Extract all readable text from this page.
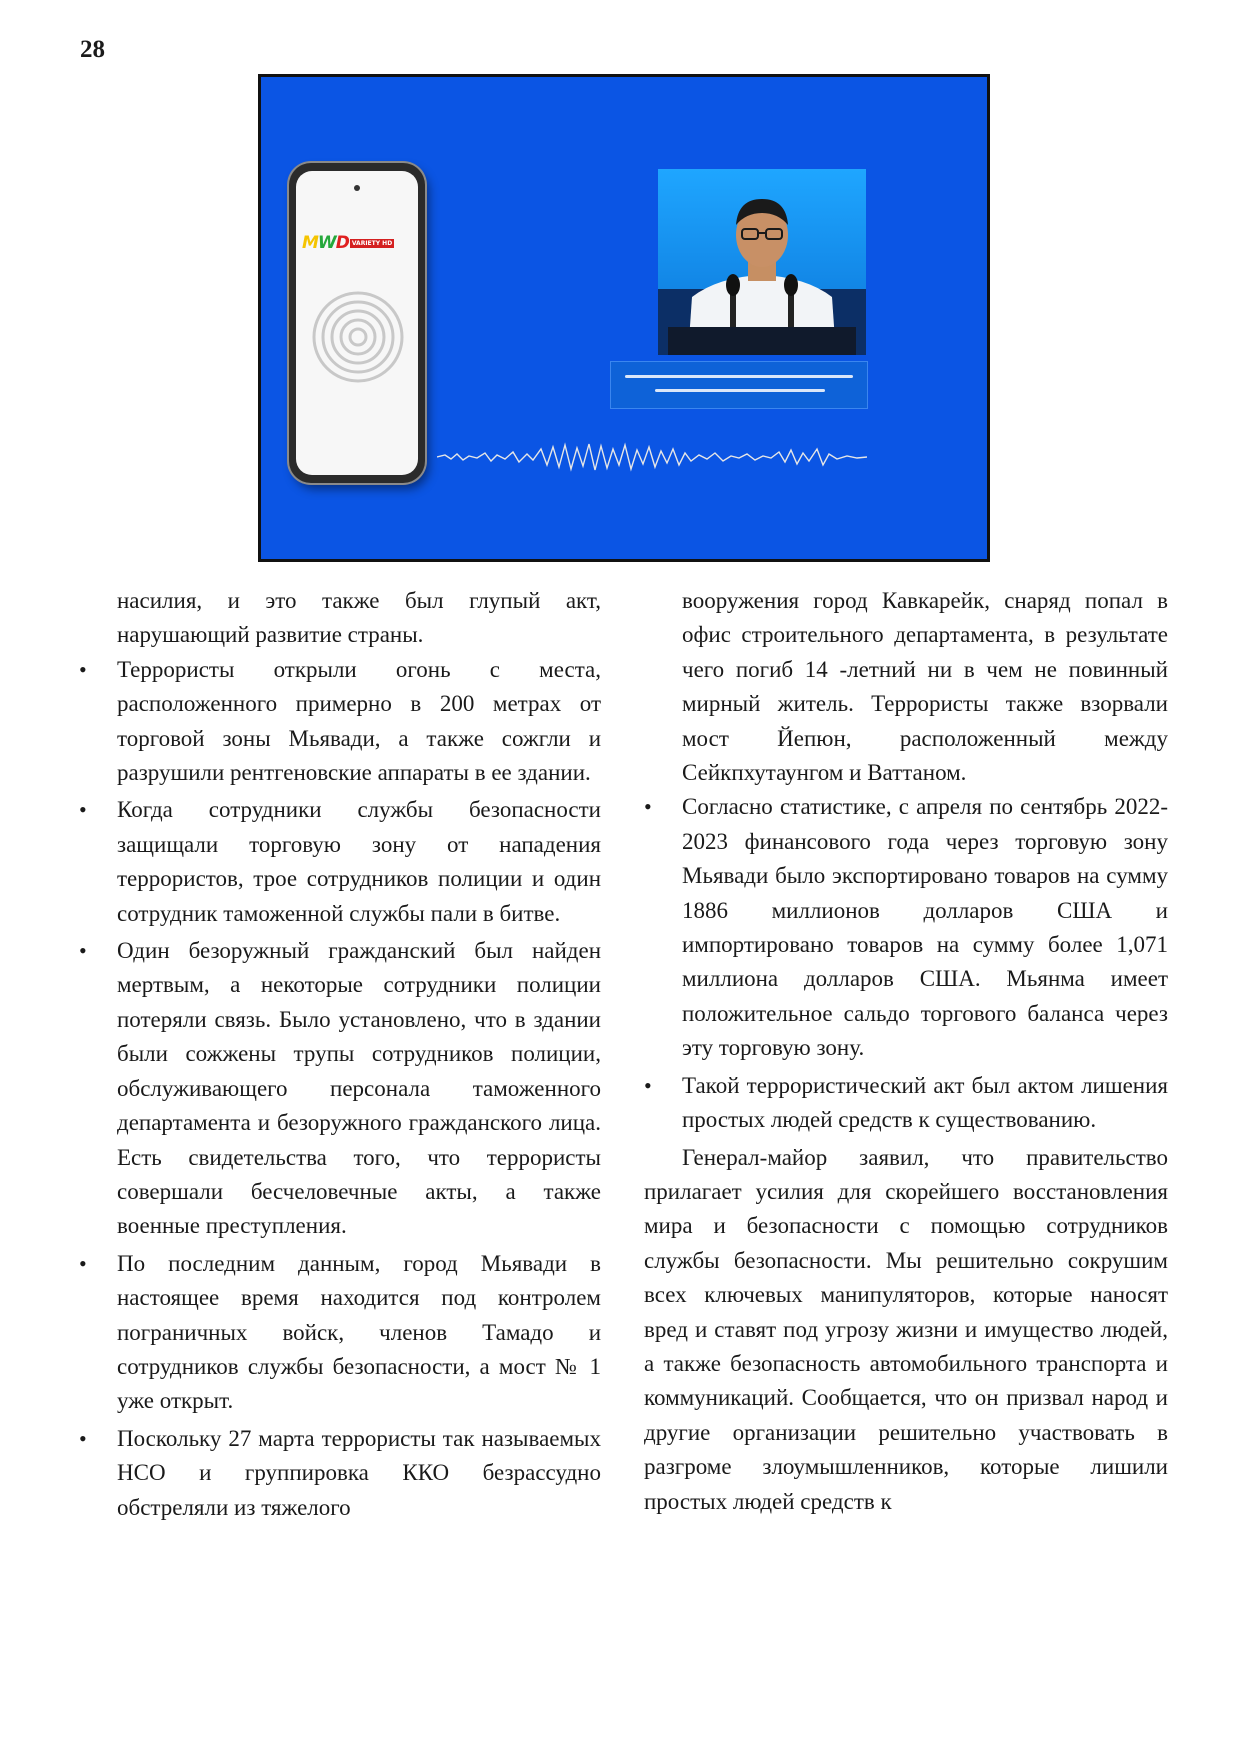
28
MWD VARIETY HD

насилия, и это также был глупый акт, нарушающий развитие страны.

• Террористы открыли огонь с места, расположенного примерно в 200 метрах от торговой зоны Мьявади, а также сожгли и разрушили рентгеновские аппараты в ее здании.
• Когда сотрудники службы безопасности защищали торговую зону от нападения террористов, трое сотрудников полиции и один сотрудник таможенной службы пали в битве.
• Один безоружный гражданский был найден мертвым, а некоторые сотрудники полиции потеряли связь. Было установлено, что в здании были сожжены трупы сотрудников полиции, обслуживающего персонала таможенного департамента и безоружного гражданского лица. Есть свидетельства того, что террористы совершали бесчеловечные акты, а также военные преступления.
• По последним данным, город Мьявади в настоящее время находится под контролем пограничных войск, членов Тамадо и сотрудников службы безопасности, а мост № 1 уже открыт.
• Поскольку 27 марта террористы так называемых НСО и группировка ККО безрассудно обстреляли из тяжелого

вооружения город Кавкарейк, снаряд попал в офис строительного департамента, в результате чего погиб 14 -летний ни в чем не повинный мирный житель. Террористы также взорвали мост Йепюн, расположенный между Сейкпхутаунгом и Ваттаном.

• Согласно статистике, с апреля по сентябрь 2022-2023 финансового года через торговую зону Мьявади было экспортировано товаров на сумму 1886 миллионов долларов США и импортировано товаров на сумму более 1,071 миллиона долларов США. Мьянма имеет положительное сальдо торгового баланса через эту торговую зону.
• Такой террористический акт был актом лишения простых людей средств к существованию.

Генерал-майор заявил, что правительство прилагает усилия для скорейшего восстановления мира и безопасности с помощью сотрудников службы безопасности. Мы решительно сокрушим всех ключевых манипуляторов, которые наносят вред и ставят под угрозу жизни и имущество людей, а также безопасность автомобильного транспорта и коммуникаций. Сообщается, что он призвал народ и другие организации решительно участвовать в разгроме злоумышленников, которые лишили простых людей средств к
